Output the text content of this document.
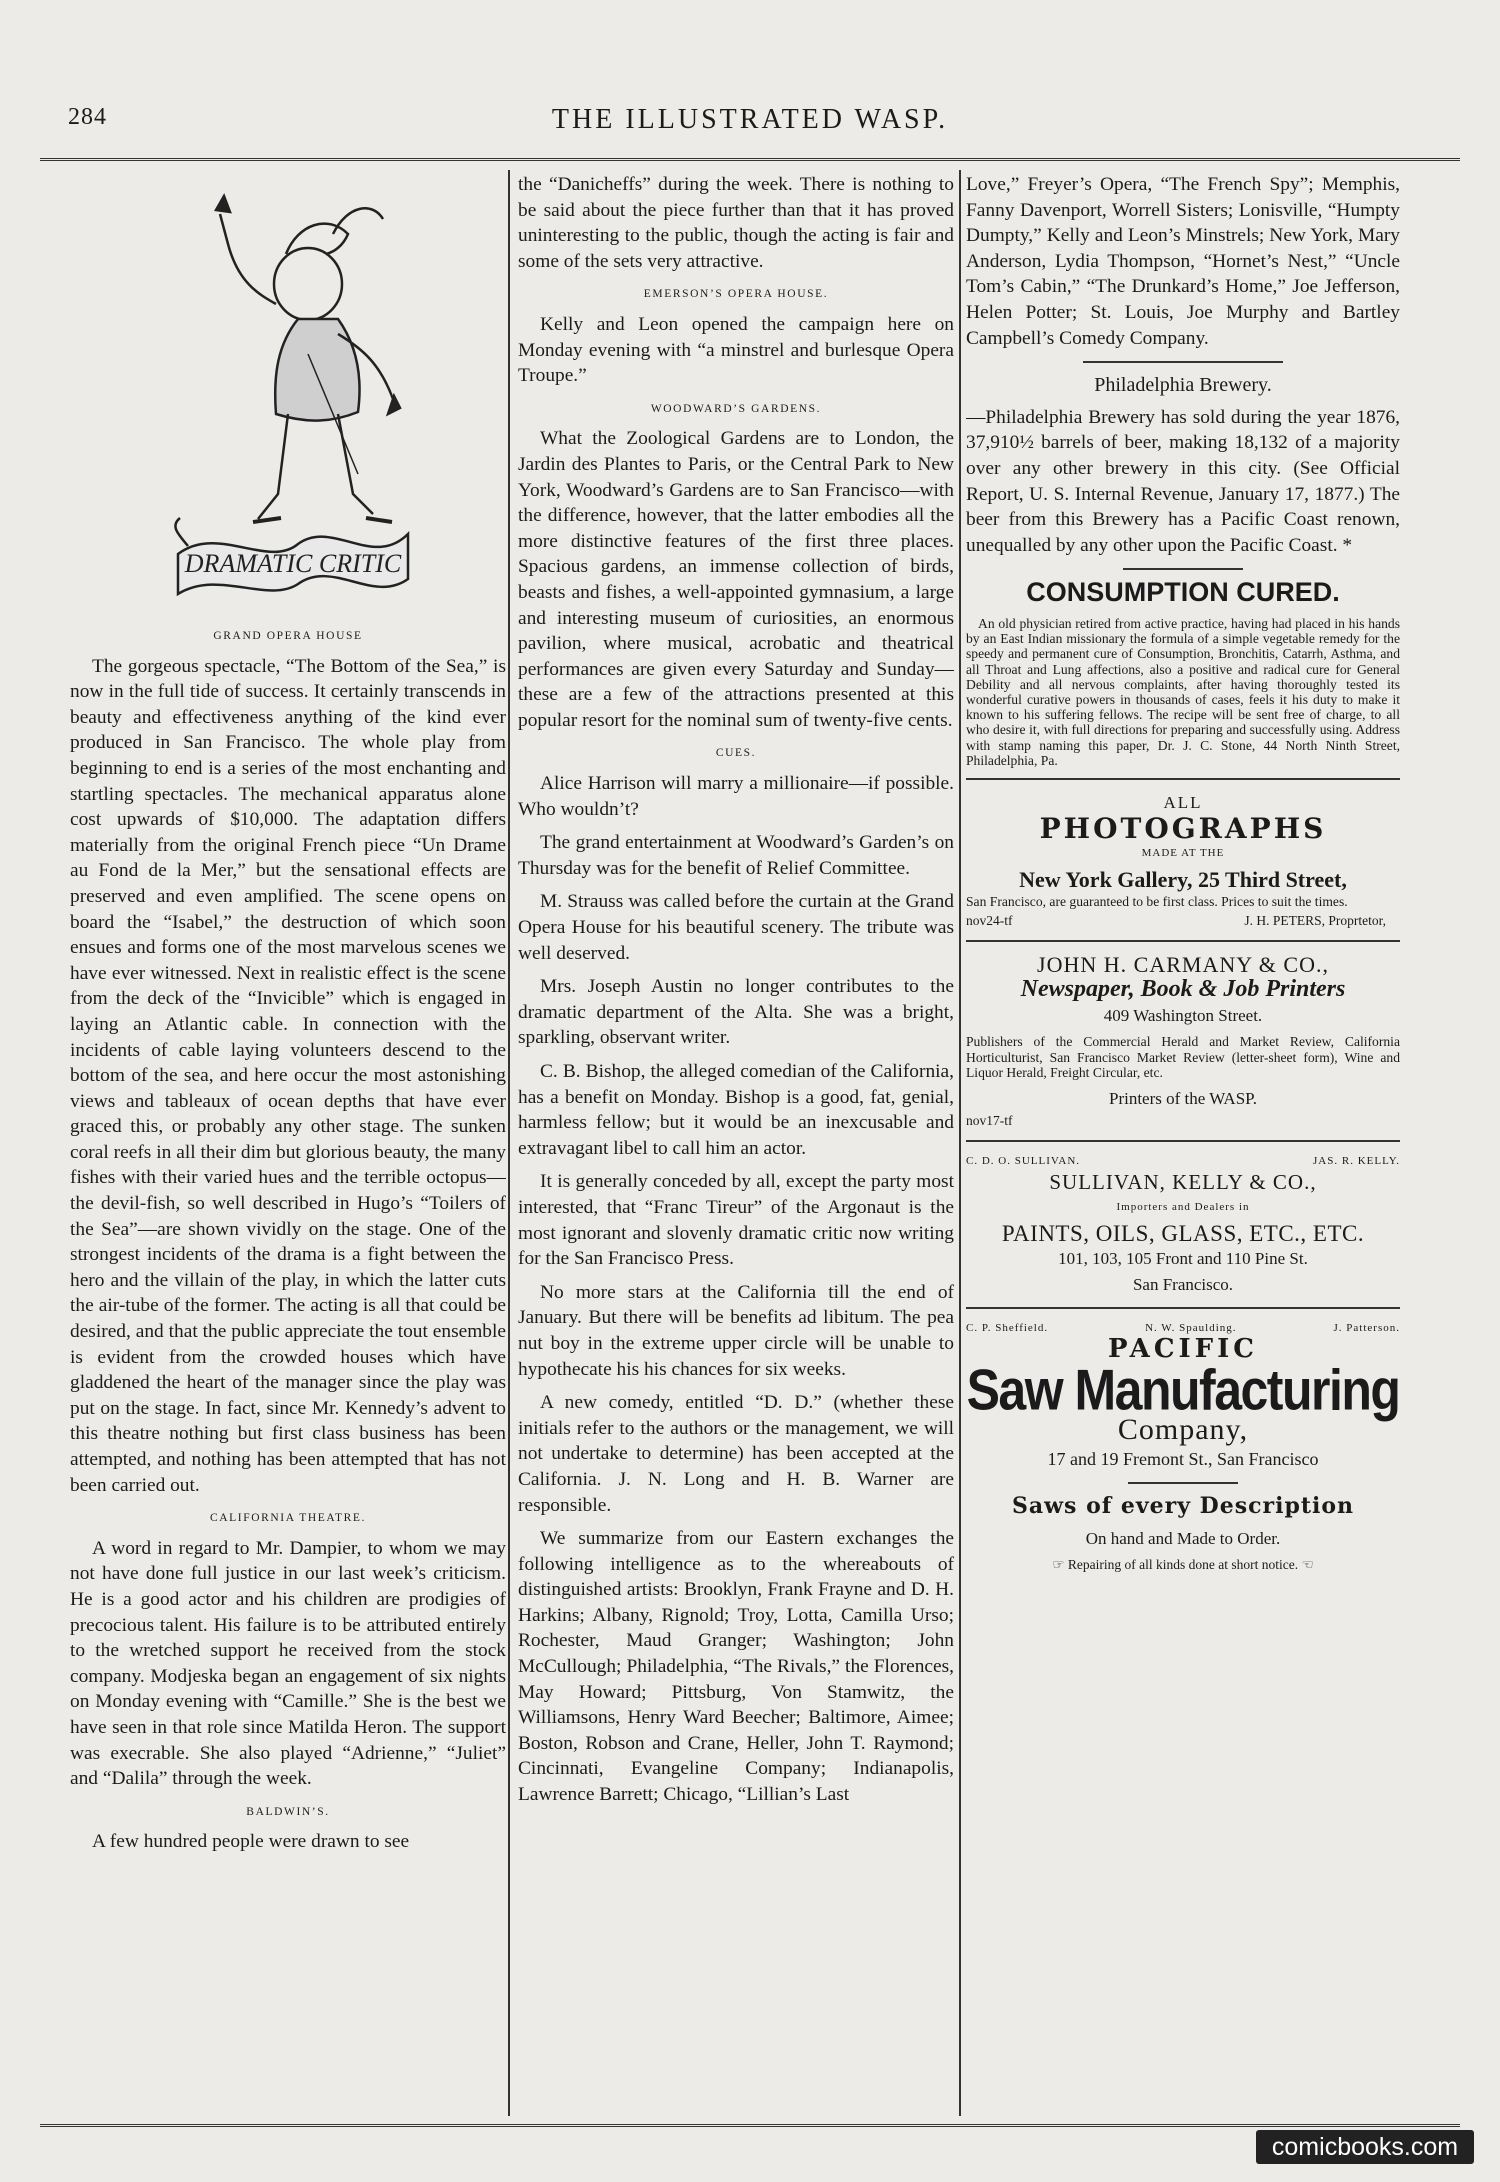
284	THE ILLUSTRATED WASP.
DRAMATIC CRITIC
GRAND OPERA HOUSE

The gorgeous spectacle, “The Bottom of the Sea,” is now in the full tide of success. It certainly transcends in beauty and effectiveness anything of the kind ever produced in San Francisco. The whole play from beginning to end is a series of the most enchanting and startling spectacles. The mechanical apparatus alone cost upwards of $10,000. The adaptation differs materially from the original French piece “Un Drame au Fond de la Mer,” but the sensational effects are preserved and even amplified. The scene opens on board the “Isabel,” the destruction of which soon ensues and forms one of the most marvelous scenes we have ever witnessed. Next in realistic effect is the scene from the deck of the “Invicible” which is engaged in laying an Atlantic cable. In connection with the incidents of cable laying volunteers descend to the bottom of the sea, and here occur the most astonishing views and tableaux of ocean depths that have ever graced this, or probably any other stage. The sunken coral reefs in all their dim but glorious beauty, the many fishes with their varied hues and the terrible octopus—the devil-fish, so well described in Hugo’s “Toilers of the Sea”—are shown vividly on the stage. One of the strongest incidents of the drama is a fight between the hero and the villain of the play, in which the latter cuts the air-tube of the former. The acting is all that could be desired, and that the public appreciate the tout ensemble is evident from the crowded houses which have gladdened the heart of the manager since the play was put on the stage. In fact, since Mr. Kennedy’s advent to this theatre nothing but first class business has been attempted, and nothing has been attempted that has not been carried out.

CALIFORNIA THEATRE.

A word in regard to Mr. Dampier, to whom we may not have done full justice in our last week’s criticism. He is a good actor and his children are prodigies of precocious talent. His failure is to be attributed entirely to the wretched support he received from the stock company. Modjeska began an engagement of six nights on Monday evening with “Camille.” She is the best we have seen in that role since Matilda Heron. The support was execrable. She also played “Adrienne,” “Juliet” and “Dalila” through the week.

BALDWIN’S.

A few hundred people were drawn to see

the “Danicheffs” during the week. There is nothing to be said about the piece further than that it has proved uninteresting to the public, though the acting is fair and some of the sets very attractive.

EMERSON’S OPERA HOUSE.

Kelly and Leon opened the campaign here on Monday evening with “a minstrel and burlesque Opera Troupe.”

WOODWARD’S GARDENS.

What the Zoological Gardens are to London, the Jardin des Plantes to Paris, or the Central Park to New York, Woodward’s Gardens are to San Francisco—with the difference, however, that the latter embodies all the more distinctive features of the first three places. Spacious gardens, an immense collection of birds, beasts and fishes, a well-appointed gymnasium, a large and interesting museum of curiosities, an enormous pavilion, where musical, acrobatic and theatrical performances are given every Saturday and Sunday—these are a few of the attractions presented at this popular resort for the nominal sum of twenty-five cents.

CUES.

Alice Harrison will marry a millionaire—if possible. Who wouldn’t?

The grand entertainment at Woodward’s Garden’s on Thursday was for the benefit of Relief Committee.

M. Strauss was called before the curtain at the Grand Opera House for his beautiful scenery. The tribute was well deserved.

Mrs. Joseph Austin no longer contributes to the dramatic department of the Alta. She was a bright, sparkling, observant writer.

C. B. Bishop, the alleged comedian of the California, has a benefit on Monday. Bishop is a good, fat, genial, harmless fellow; but it would be an inexcusable and extravagant libel to call him an actor.

It is generally conceded by all, except the party most interested, that “Franc Tireur” of the Argonaut is the most ignorant and slovenly dramatic critic now writing for the San Francisco Press.

No more stars at the California till the end of January. But there will be benefits ad libitum. The pea nut boy in the extreme upper circle will be unable to hypothecate his his chances for six weeks.

A new comedy, entitled “D. D.” (whether these initials refer to the authors or the management, we will not undertake to determine) has been accepted at the California. J. N. Long and H. B. Warner are responsible.

We summarize from our Eastern exchanges the following intelligence as to the whereabouts of distinguished artists: Brooklyn, Frank Frayne and D. H. Harkins; Albany, Rignold; Troy, Lotta, Camilla Urso; Rochester, Maud Granger; Washington; John McCullough; Philadelphia, “The Rivals,” the Florences, May Howard; Pittsburg, Von Stamwitz, the Williamsons, Henry Ward Beecher; Baltimore, Aimee; Boston, Robson and Crane, Heller, John T. Raymond; Cincinnati, Evangeline Company; Indianapolis, Lawrence Barrett; Chicago, “Lillian’s Last

Love,” Freyer’s Opera, “The French Spy”; Memphis, Fanny Davenport, Worrell Sisters; Lonisville, “Humpty Dumpty,” Kelly and Leon’s Minstrels; New York, Mary Anderson, Lydia Thompson, “Hornet’s Nest,” “Uncle Tom’s Cabin,” “The Drunkard’s Home,” Joe Jefferson, Helen Potter; St. Louis, Joe Murphy and Bartley Campbell’s Comedy Company.

Philadelphia Brewery.

—Philadelphia Brewery has sold during the year 1876, 37,910½ barrels of beer, making 18,132 of a majority over any other brewery in this city. (See Official Report, U. S. Internal Revenue, January 17, 1877.) The beer from this Brewery has a Pacific Coast renown, unequalled by any other upon the Pacific Coast. *

CONSUMPTION CURED.

An old physician retired from active practice, having had placed in his hands by an East Indian missionary the formula of a simple vegetable remedy for the speedy and permanent cure of Consumption, Bronchitis, Catarrh, Asthma, and all Throat and Lung affections, also a positive and radical cure for General Debility and all nervous complaints, after having thoroughly tested its wonderful curative powers in thousands of cases, feels it his duty to make it known to his suffering fellows. The recipe will be sent free of charge, to all who desire it, with full directions for preparing and successfully using. Address with stamp naming this paper, Dr. J. C. Stone, 44 North Ninth Street, Philadelphia, Pa.

ALL
PHOTOGRAPHS
MADE AT THE
New York Gallery, 25 Third Street,

San Francisco, are guaranteed to be first class. Prices to suit the times.

nov24-tf	J. H. PETERS, Proprtetor,
JOHN H. CARMANY & CO.,
Newspaper, Book & Job Printers
409 Washington Street.

Publishers of the Commercial Herald and Market Review, California Horticulturist, San Francisco Market Review (letter-sheet form), Wine and Liquor Herald, Freight Circular, etc.

Printers of the WASP.
nov17-tf
C. D. O. SULLIVAN.	JAS. R. KELLY.
SULLIVAN, KELLY & CO.,
Importers and Dealers in
PAINTS, OILS, GLASS, ETC., ETC.
101, 103, 105 Front and 110 Pine St.
San Francisco.
C. P. Sheffield.	N. W. Spaulding.	J. Patterson.
PACIFIC
Saw Manufacturing
Company,
17 and 19 Fremont St., San Francisco
Saws of every Description
On hand and Made to Order.
☞ Repairing of all kinds done at short notice. ☜
comicbooks.com
